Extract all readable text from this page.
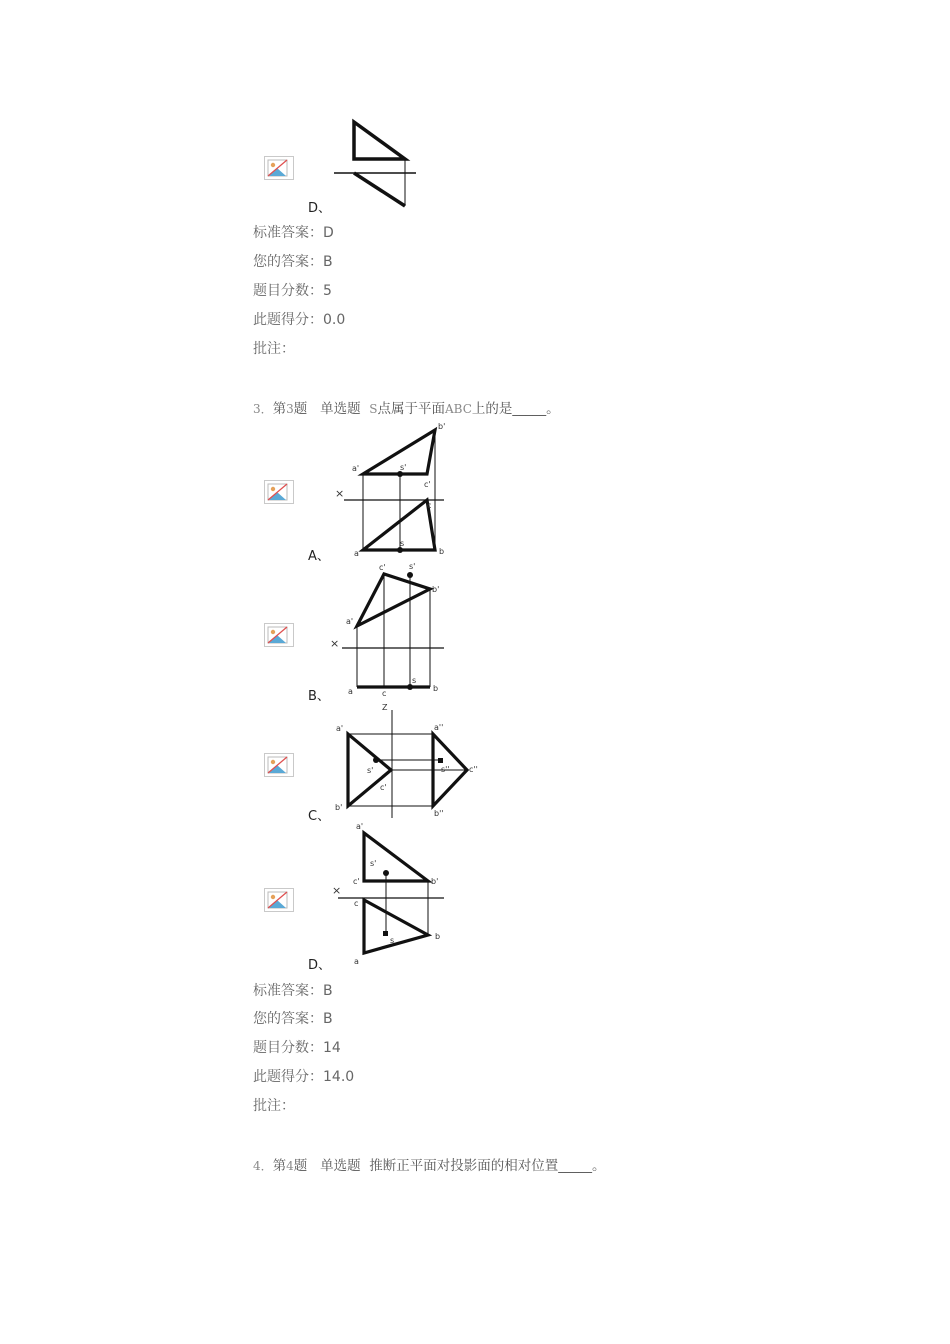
D、
标准答案：D
您的答案：B
题目分数：5
此题得分：0.0
批注：
3．第3题 单选题 S点属于平面ABC上的是_____。
b'
a'	s'
c'
×
c
a
s
b
A、
c'	s'
b'
a'
×
a	c
s
b
B、
Z
a'	a''
s'	s'' c''
c'
b'
b''
C、
a'
s'
c'	b'
×
c
s	b
a
D、
标准答案：B
您的答案：B
题目分数：14
此题得分：14.0
批注：
4．第4题 单选题 推断正平面对投影面的相对位置_____。
